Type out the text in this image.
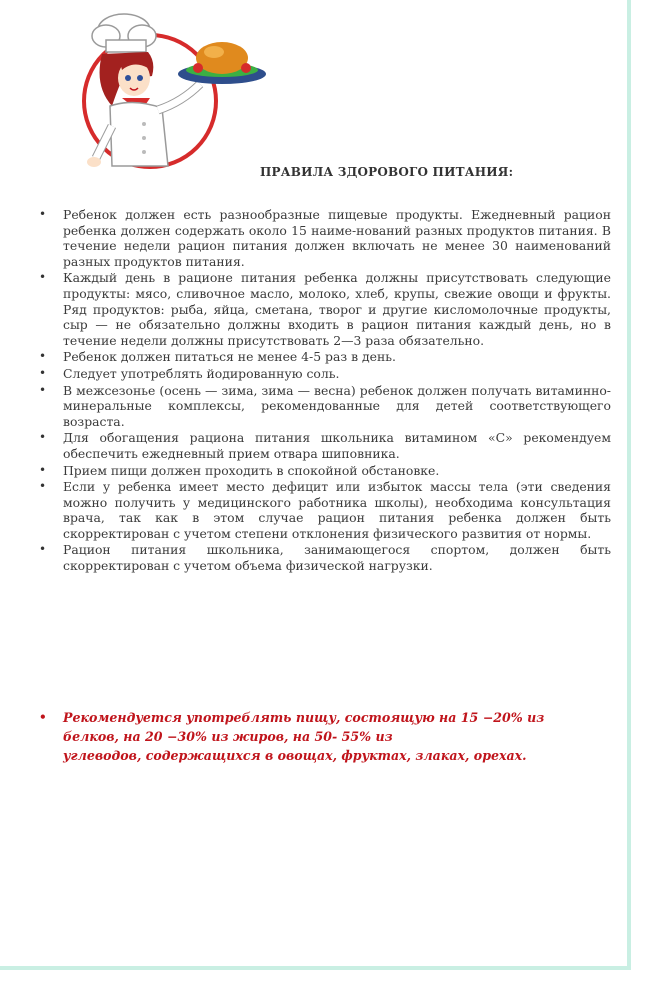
ПРАВИЛА ЗДОРОВОГО ПИТАНИЯ:
• Ребенок должен есть разнообразные пищевые продукты. Ежедневный рацион ребенка должен содержать около 15 наиме-нований разных продуктов питания. В течение недели рацион питания должен включать не менее 30 наименований разных продуктов питания.
• Каждый день в рационе питания ребенка должны присутствовать следующие продукты: мясо, сливочное масло, молоко, хлеб, крупы, свежие овощи и фрукты. Ряд продуктов: рыба, яйца, сметана, творог и другие кисломолочные продукты, сыр — не обязательно должны входить в рацион питания каждый день, но в течение недели должны присутствовать 2—3 раза обязательно.
• Ребенок должен питаться не менее 4-5 раз в день.
• Следует употреблять йодированную соль.
• В межсезонье (осень — зима, зима — весна) ребенок должен получать витаминно-минеральные комплексы, рекомендованные для детей соответствующего возраста.
• Для обогащения рациона питания школьника витамином «С» рекомендуем обеспечить ежедневный прием отвара шиповника.
• Прием пищи должен проходить в спокойной обстановке.
• Если у ребенка имеет место дефицит или избыток массы тела (эти сведения можно получить у медицинского работника школы), необходима консультация врача, так как в этом случае рацион питания ребенка должен быть скорректирован с учетом степени отклонения физического развития от нормы.
• Рацион питания школьника, занимающегося спортом, должен быть скорректирован с учетом объема физической нагрузки.
• Рекомендуется употреблять пищу, состоящую на 15 −20% из
белков, на 20 −30% из жиров, на 50- 55% из
углеводов, содержащихся в овощах, фруктах, злаках, орехах.
